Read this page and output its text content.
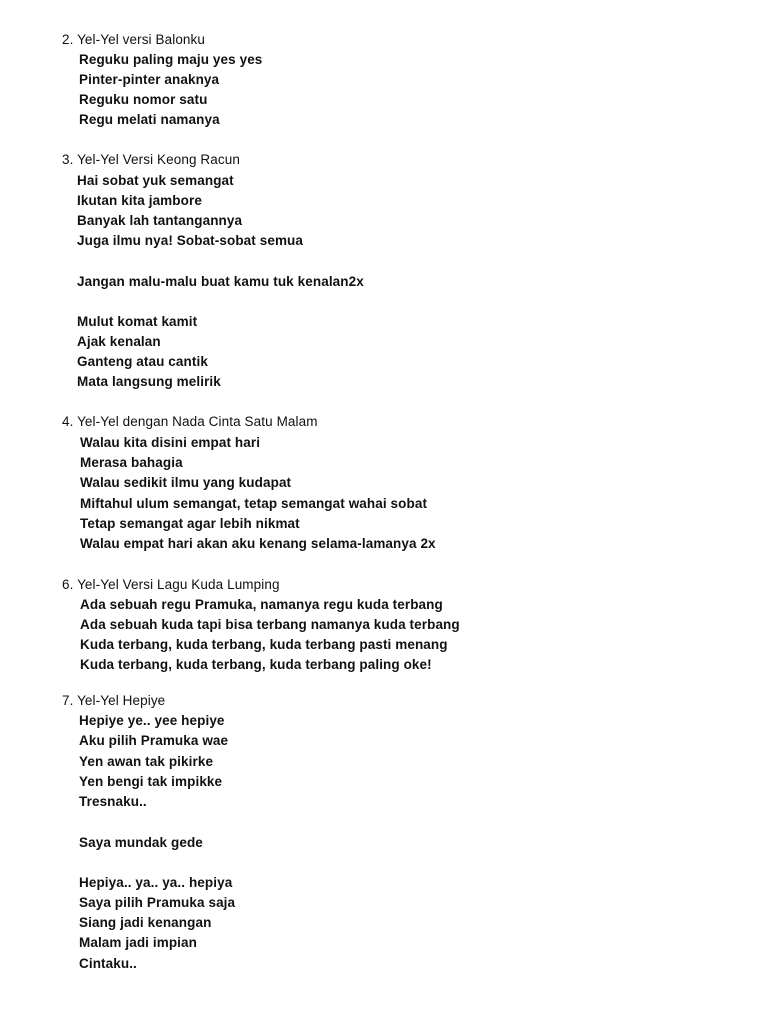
2. Yel-Yel versi Balonku
Reguku paling maju yes yes
Pinter-pinter anaknya
Reguku nomor satu
Regu melati namanya
3. Yel-Yel Versi Keong Racun
Hai sobat yuk semangat
Ikutan kita jambore
Banyak lah tantangannya
Juga ilmu nya! Sobat-sobat semua
Jangan malu-malu buat kamu tuk kenalan2x
Mulut komat kamit
Ajak kenalan
Ganteng atau cantik
Mata langsung melirik
4. Yel-Yel dengan Nada Cinta Satu Malam
Walau kita disini empat hari
Merasa bahagia
Walau sedikit ilmu yang kudapat
Miftahul ulum semangat, tetap semangat wahai sobat
Tetap semangat agar lebih nikmat
Walau empat hari akan aku kenang selama-lamanya 2x
6. Yel-Yel Versi Lagu Kuda Lumping
Ada sebuah regu Pramuka, namanya regu kuda terbang
Ada sebuah kuda tapi bisa terbang namanya kuda terbang
Kuda terbang, kuda terbang, kuda terbang pasti menang
Kuda terbang, kuda terbang, kuda terbang paling oke!
7. Yel-Yel Hepiye
Hepiye ye.. yee hepiye
Aku pilih Pramuka wae
Yen awan tak pikirke
Yen bengi tak impikke
Tresnaku..
Saya mundak gede
Hepiya.. ya.. ya.. hepiya
Saya pilih Pramuka saja
Siang jadi kenangan
Malam jadi impian
Cintaku..
